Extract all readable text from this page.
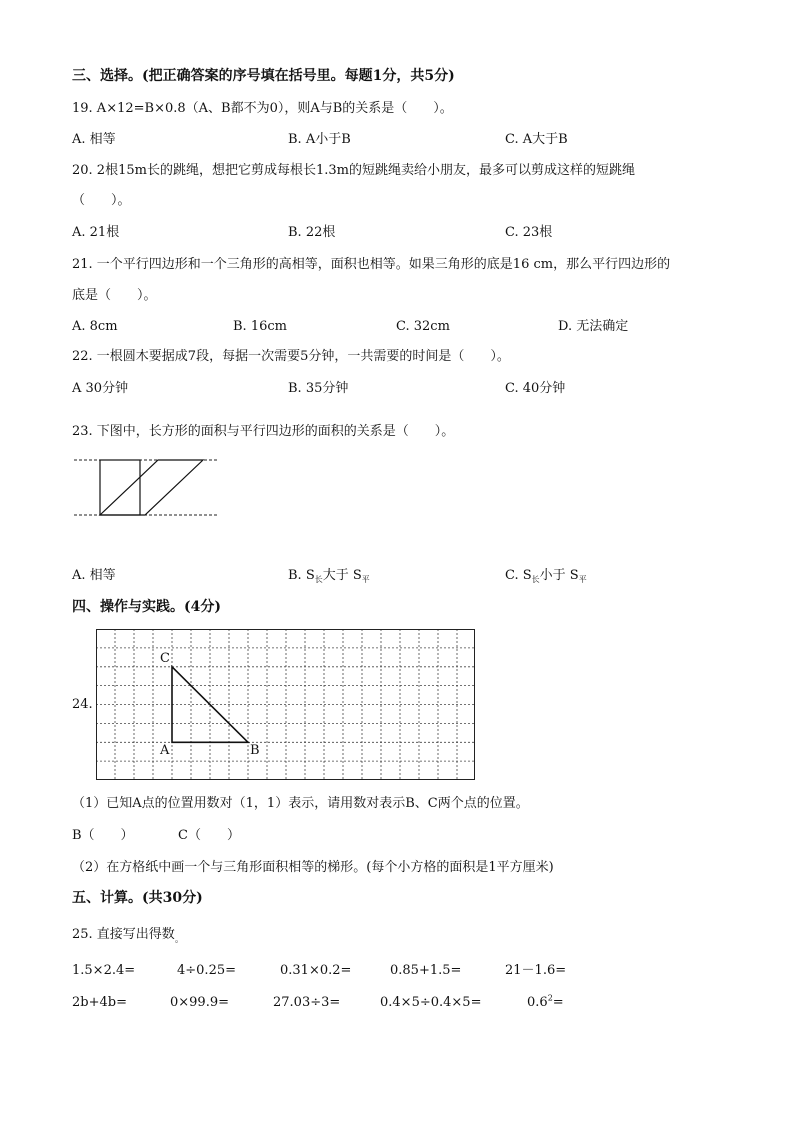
三、选择。(把正确答案的序号填在括号里。每题1分，共5分)
19. A×12=B×0.8（A、B都不为0），则A与B的关系是（　　）。
A. 相等	B. A小于B	C. A大于B
20. 2根15m长的跳绳，想把它剪成每根长1.3m的短跳绳卖给小朋友，最多可以剪成这样的短跳绳
（　　）。
A. 21根	B. 22根	C. 23根
21. 一个平行四边形和一个三角形的高相等，面积也相等。如果三角形的底是16 cm，那么平行四边形的
底是（　　）。
A. 8cm	B. 16cm	C. 32cm	D. 无法确定
22. 一根圆木要据成7段，每据一次需要5分钟，一共需要的时间是（　　）。
A 30分钟	B. 35分钟	C. 40分钟
23. 下图中，长方形的面积与平行四边形的面积的关系是（　　）。
A. 相等	B. $S_长$大于 $S_平$	C. $S_长$小于 $S_平$
四、操作与实践。(4分)
24.
C
A	B
（1）已知A点的位置用数对（1，1）表示，请用数对表示B、C两个点的位置。
B（　　）	C（　　）
（2）在方格纸中画一个与三角形面积相等的梯形。(每个小方格的面积是1平方厘米)
五、计算。(共30分)
25. 直接写出得数$_。$
1.5×2.4=	4÷0.25=	0.31×0.2=	0.85+1.5=	21－1.6=
2b+4b=	0×99.9=	27.03÷3=	0.4×5÷0.4×5=	$0.6^2=$
